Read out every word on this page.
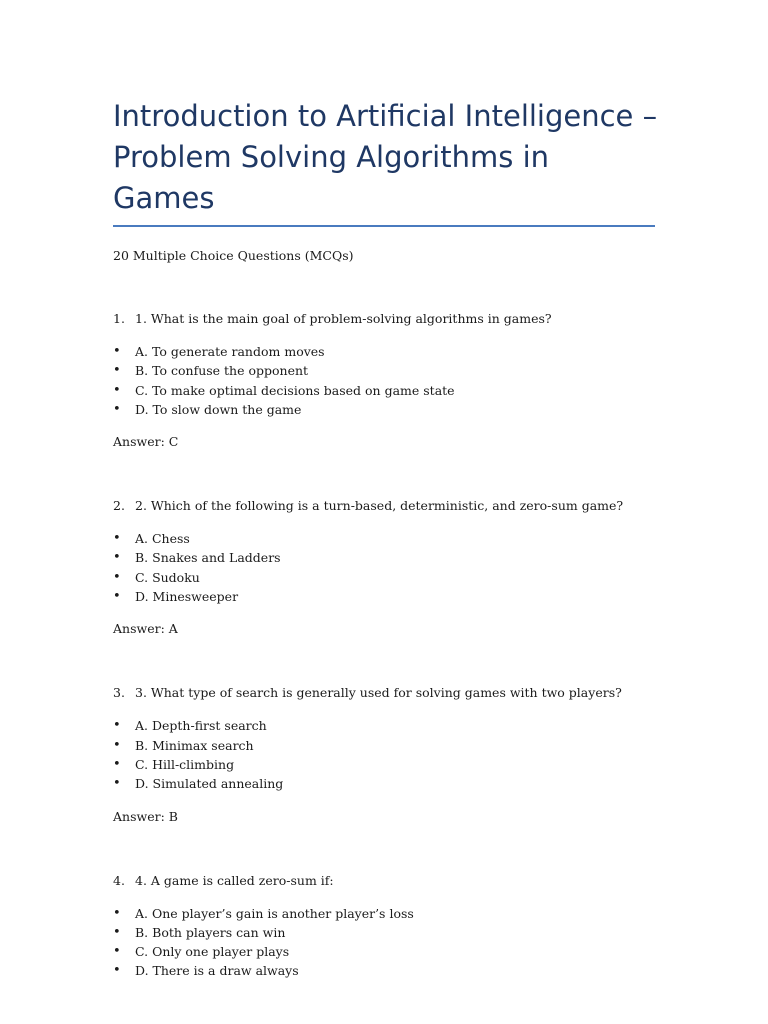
Introduction to Artificial Intelligence – Problem Solving Algorithms in Games
20 Multiple Choice Questions (MCQs)
1. 1. What is the main goal of problem-solving algorithms in games?
• A. To generate random moves
• B. To confuse the opponent
• C. To make optimal decisions based on game state
• D. To slow down the game
Answer: C
2. 2. Which of the following is a turn-based, deterministic, and zero-sum game?
• A. Chess
• B. Snakes and Ladders
• C. Sudoku
• D. Minesweeper
Answer: A
3. 3. What type of search is generally used for solving games with two players?
• A. Depth-first search
• B. Minimax search
• C. Hill-climbing
• D. Simulated annealing
Answer: B
4. 4. A game is called zero-sum if:
• A. One player’s gain is another player’s loss
• B. Both players can win
• C. Only one player plays
• D. There is a draw always
